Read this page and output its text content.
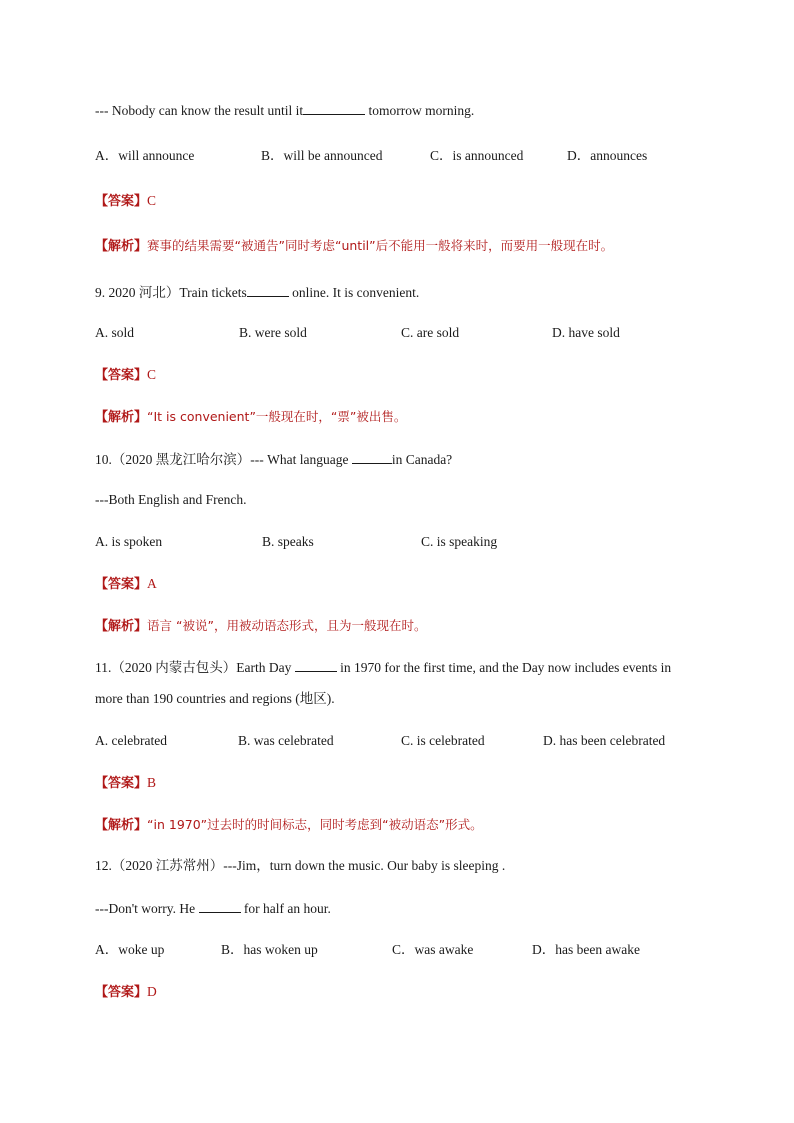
--- Nobody can know the result until it	tomorrow morning.
A．will announce	B．will be announced	C．is announced	D．announces
【答案】C
【解析】赛事的结果需要“被通告”同时考虑“until”后不能用一般将来时，而要用一般现在时。
9. 2020 河北）Train tickets	online. It is convenient.
A. sold	B. were sold	C. are sold	D. have sold
【答案】C
【解析】“It is convenient”一般现在时，“票”被出售。
10.（2020 黑龙江哈尔滨）--- What language	in Canada?
---Both English and French.
A. is spoken	B. speaks	C. is speaking
【答案】A
【解析】语言 “被说”，用被动语态形式，且为一般现在时。
11.（2020 内蒙古包头）Earth Day	in 1970 for the first time, and the Day now includes events in
more than 190 countries and regions (地区).
A. celebrated	B. was celebrated	C. is celebrated	D. has been celebrated
【答案】B
【解析】“in 1970”过去时的时间标志，同时考虑到“被动语态”形式。
12.（2020 江苏常州）---Jim，turn down the music. Our baby is sleeping .
---Don't worry. He	for half an hour.
A．woke up	B．has woken up	C．was awake	D．has been awake
【答案】D
